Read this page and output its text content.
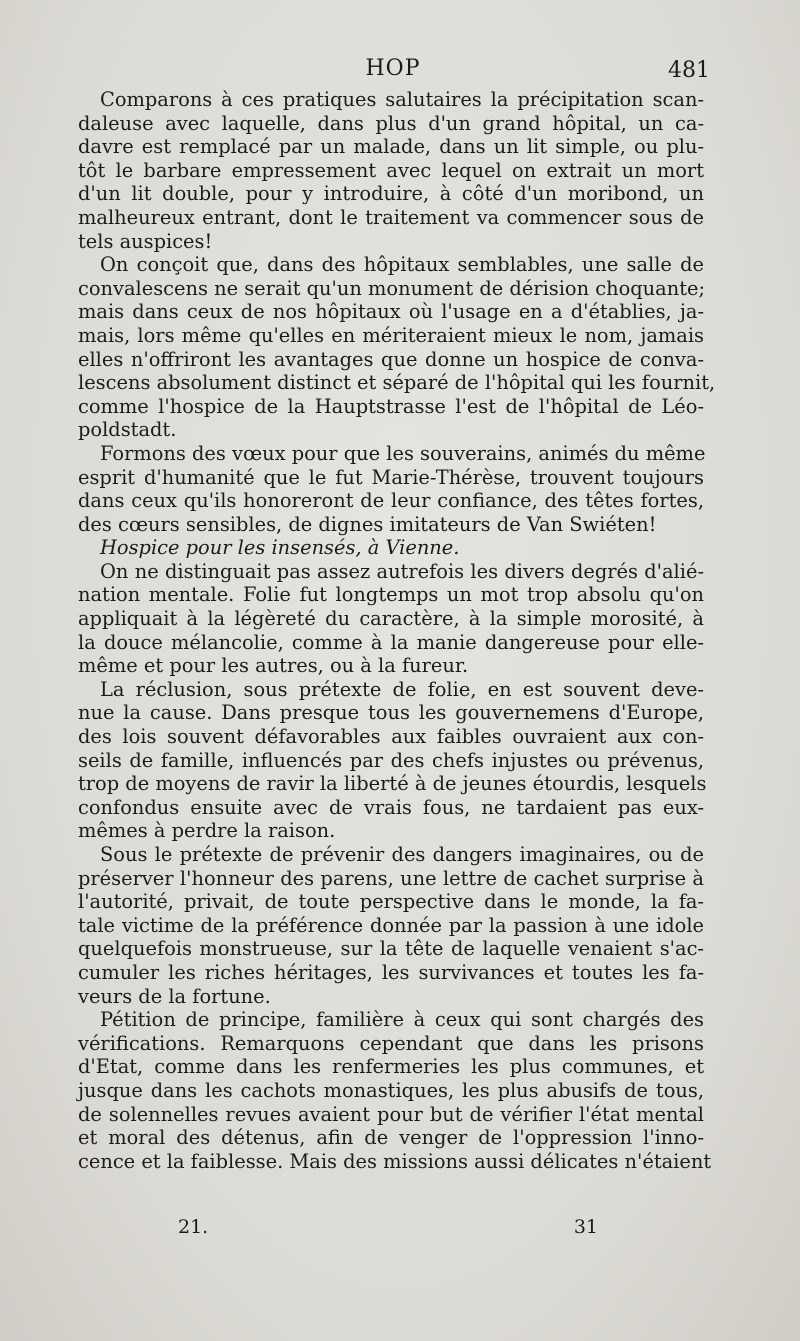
HOP	481
Comparons à ces pratiques salutaires la précipitation scan-
daleuse avec laquelle, dans plus d'un grand hôpital, un ca-
davre est remplacé par un malade, dans un lit simple, ou plu-
tôt le barbare empressement avec lequel on extrait un mort
d'un lit double, pour y introduire, à côté d'un moribond, un
malheureux entrant, dont le traitement va commencer sous de
tels auspices!
On conçoit que, dans des hôpitaux semblables, une salle de
convalescens ne serait qu'un monument de dérision choquante;
mais dans ceux de nos hôpitaux où l'usage en a d'établies, ja-
mais, lors même qu'elles en mériteraient mieux le nom, jamais
elles n'offriront les avantages que donne un hospice de conva-
lescens absolument distinct et séparé de l'hôpital qui les fournit,
comme l'hospice de la Hauptstrasse l'est de l'hôpital de Léo-
poldstadt.
Formons des vœux pour que les souverains, animés du même
esprit d'humanité que le fut Marie-Thérèse, trouvent toujours
dans ceux qu'ils honoreront de leur confiance, des têtes fortes,
des cœurs sensibles, de dignes imitateurs de Van Swiéten!
Hospice pour les insensés, à Vienne.
On ne distinguait pas assez autrefois les divers degrés d'alié-
nation mentale. Folie fut longtemps un mot trop absolu qu'on
appliquait à la légèreté du caractère, à la simple morosité, à
la douce mélancolie, comme à la manie dangereuse pour elle-
même et pour les autres, ou à la fureur.
La réclusion, sous prétexte de folie, en est souvent deve-
nue la cause. Dans presque tous les gouvernemens d'Europe,
des lois souvent défavorables aux faibles ouvraient aux con-
seils de famille, influencés par des chefs injustes ou prévenus,
trop de moyens de ravir la liberté à de jeunes étourdis, lesquels
confondus ensuite avec de vrais fous, ne tardaient pas eux-
mêmes à perdre la raison.
Sous le prétexte de prévenir des dangers imaginaires, ou de
préserver l'honneur des parens, une lettre de cachet surprise à
l'autorité, privait, de toute perspective dans le monde, la fa-
tale victime de la préférence donnée par la passion à une idole
quelquefois monstrueuse, sur la tête de laquelle venaient s'ac-
cumuler les riches héritages, les survivances et toutes les fa-
veurs de la fortune.
Pétition de principe, familière à ceux qui sont chargés des
vérifications. Remarquons cependant que dans les prisons
d'Etat, comme dans les renfermeries les plus communes, et
jusque dans les cachots monastiques, les plus abusifs de tous,
de solennelles revues avaient pour but de vérifier l'état mental
et moral des détenus, afin de venger de l'oppression l'inno-
cence et la faiblesse. Mais des missions aussi délicates n'étaient
21.	31
